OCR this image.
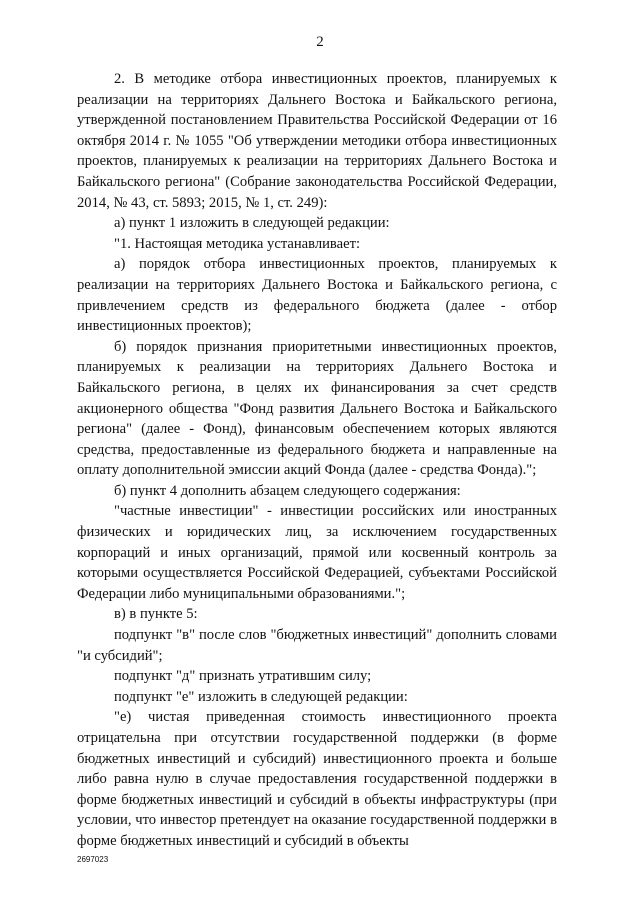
2

2. В методике отбора инвестиционных проектов, планируемых к реализации на территориях Дальнего Востока и Байкальского региона, утвержденной постановлением Правительства Российской Федерации от 16 октября 2014 г. № 1055 "Об утверждении методики отбора инвестиционных проектов, планируемых к реализации на территориях Дальнего Востока и Байкальского региона" (Собрание законодательства Российской Федерации, 2014, № 43, ст. 5893; 2015, № 1, ст. 249):

а) пункт 1 изложить в следующей редакции:

"1. Настоящая методика устанавливает:

а) порядок отбора инвестиционных проектов, планируемых к реализации на территориях Дальнего Востока и Байкальского региона, с привлечением средств из федерального бюджета (далее - отбор инвестиционных проектов);

б) порядок признания приоритетными инвестиционных проектов, планируемых к реализации на территориях Дальнего Востока и Байкальского региона, в целях их финансирования за счет средств акционерного общества "Фонд развития Дальнего Востока и Байкальского региона" (далее - Фонд), финансовым обеспечением которых являются средства, предоставленные из федерального бюджета и направленные на оплату дополнительной эмиссии акций Фонда (далее - средства Фонда).";

б) пункт 4 дополнить абзацем следующего содержания:

"частные инвестиции" - инвестиции российских или иностранных физических и юридических лиц, за исключением государственных корпораций и иных организаций, прямой или косвенный контроль за которыми осуществляется Российской Федерацией, субъектами Российской Федерации либо муниципальными образованиями.";

в) в пункте 5:

подпункт "в" после слов "бюджетных инвестиций" дополнить словами "и субсидий";

подпункт "д" признать утратившим силу;

подпункт "е" изложить в следующей редакции:

"е) чистая приведенная стоимость инвестиционного проекта отрицательна при отсутствии государственной поддержки (в форме бюджетных инвестиций и субсидий) инвестиционного проекта и больше либо равна нулю в случае предоставления государственной поддержки в форме бюджетных инвестиций и субсидий в объекты инфраструктуры (при условии, что инвестор претендует на оказание государственной поддержки в форме бюджетных инвестиций и субсидий в объекты

2697023
